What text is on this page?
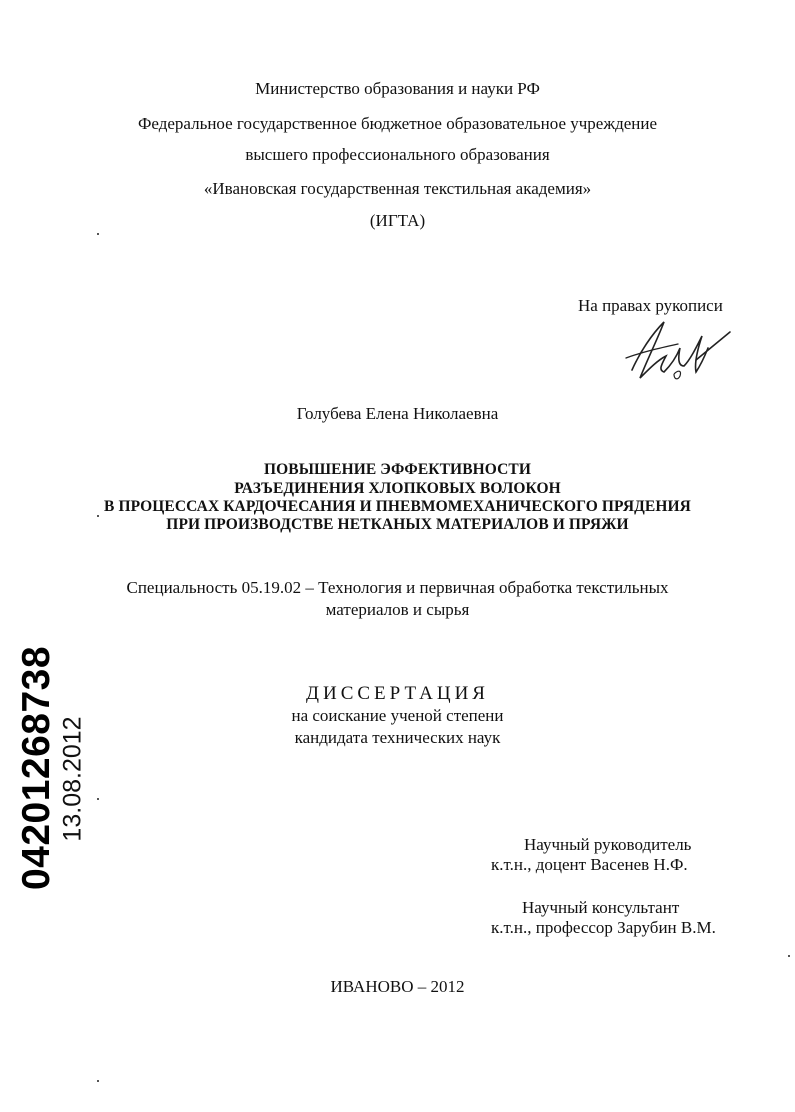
Министерство образования и науки РФ
Федеральное государственное бюджетное образовательное учреждение
высшего профессионального образования
«Ивановская государственная текстильная академия»
(ИГТА)
На правах рукописи
Голубева Елена Николаевна
ПОВЫШЕНИЕ ЭФФЕКТИВНОСТИ
РАЗЪЕДИНЕНИЯ ХЛОПКОВЫХ ВОЛОКОН
В ПРОЦЕССАХ КАРДОЧЕСАНИЯ И ПНЕВМОМЕХАНИЧЕСКОГО ПРЯДЕНИЯ
ПРИ ПРОИЗВОДСТВЕ НЕТКАНЫХ МАТЕРИАЛОВ И ПРЯЖИ
Специальность 05.19.02 – Технология и первичная обработка текстильных
материалов и сырья
ДИССЕРТАЦИЯ
на соискание ученой степени
кандидата технических наук
Научный руководитель
к.т.н., доцент Васенев Н.Ф.
Научный консультант
к.т.н., профессор Зарубин В.М.
ИВАНОВО – 2012
04201268738 13.08.2012
